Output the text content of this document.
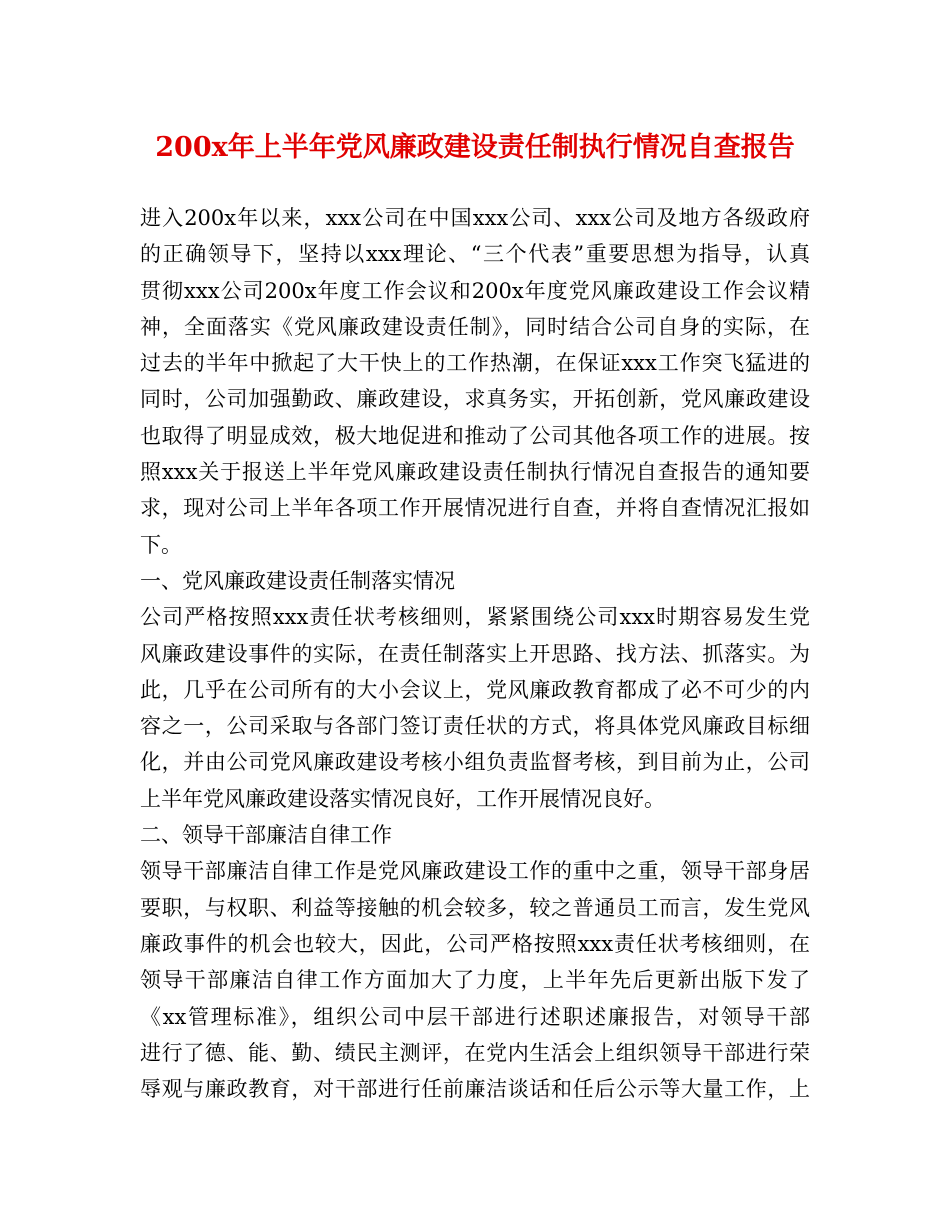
200x年上半年党风廉政建设责任制执行情况自查报告
进入200x年以来，xxx公司在中国xxx公司、xxx公司及地方各级政府
的正确领导下，坚持以xxx理论、“三个代表”重要思想为指导，认真
贯彻xxx公司200x年度工作会议和200x年度党风廉政建设工作会议精
神，全面落实《党风廉政建设责任制》，同时结合公司自身的实际，在
过去的半年中掀起了大干快上的工作热潮，在保证xxx工作突飞猛进的
同时，公司加强勤政、廉政建设，求真务实，开拓创新，党风廉政建设
也取得了明显成效，极大地促进和推动了公司其他各项工作的进展。按
照xxx关于报送上半年党风廉政建设责任制执行情况自查报告的通知要
求，现对公司上半年各项工作开展情况进行自查，并将自查情况汇报如
下。
一、党风廉政建设责任制落实情况
公司严格按照xxx责任状考核细则，紧紧围绕公司xxx时期容易发生党
风廉政建设事件的实际，在责任制落实上开思路、找方法、抓落实。为
此，几乎在公司所有的大小会议上，党风廉政教育都成了必不可少的内
容之一，公司采取与各部门签订责任状的方式，将具体党风廉政目标细
化，并由公司党风廉政建设考核小组负责监督考核，到目前为止，公司
上半年党风廉政建设落实情况良好，工作开展情况良好。
二、领导干部廉洁自律工作
领导干部廉洁自律工作是党风廉政建设工作的重中之重，领导干部身居
要职，与权职、利益等接触的机会较多，较之普通员工而言，发生党风
廉政事件的机会也较大，因此，公司严格按照xxx责任状考核细则，在
领导干部廉洁自律工作方面加大了力度，上半年先后更新出版下发了
《xx管理标准》，组织公司中层干部进行述职述廉报告，对领导干部
进行了德、能、勤、绩民主测评，在党内生活会上组织领导干部进行荣
辱观与廉政教育，对干部进行任前廉洁谈话和任后公示等大量工作，上
